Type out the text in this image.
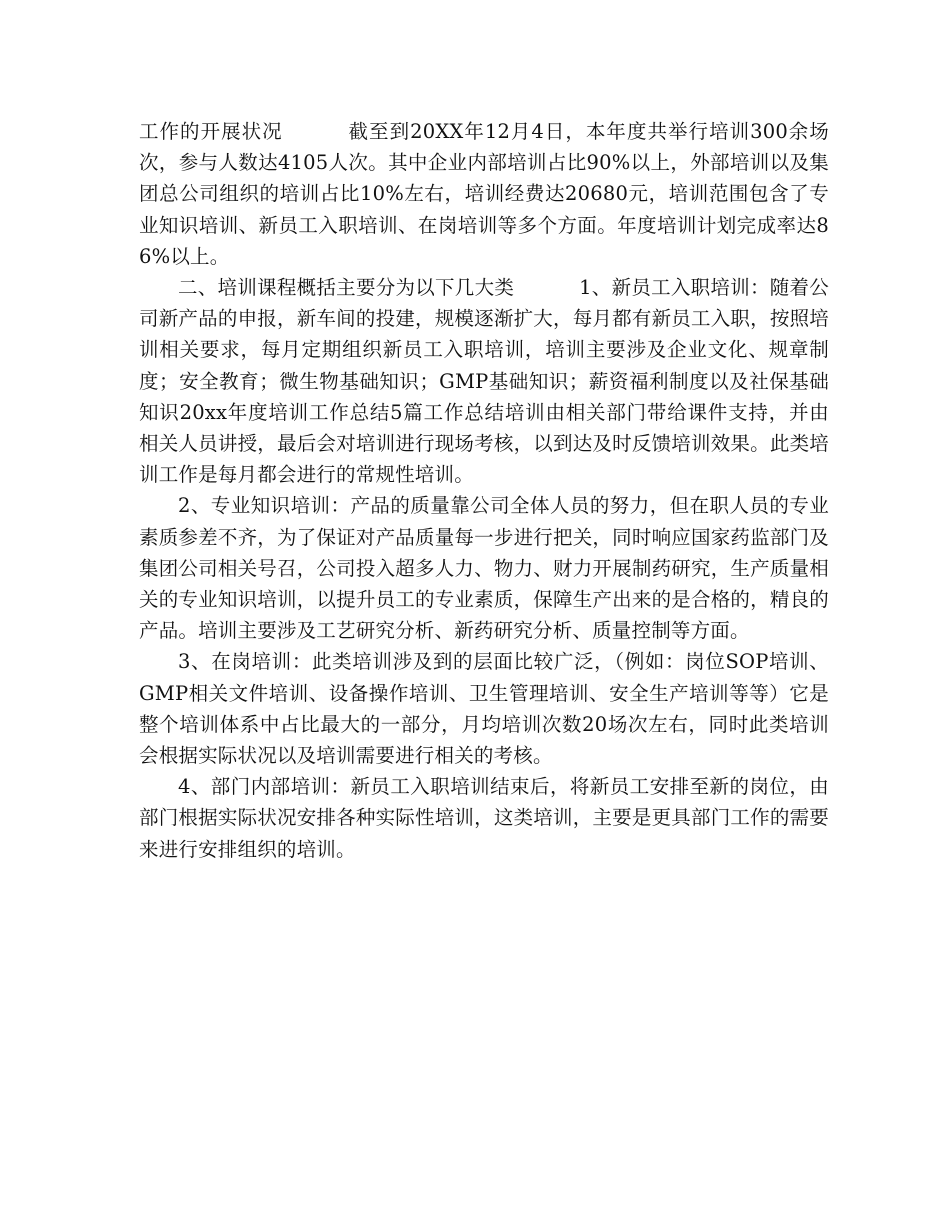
工作的开展状况	截至到20XX年12月4日，本年度共举行培训300余场次，参与人数达4105人次。其中企业内部培训占比90%以上，外部培训以及集团总公司组织的培训占比10%左右，培训经费达20680元，培训范围包含了专业知识培训、新员工入职培训、在岗培训等多个方面。年度培训计划完成率达86%以上。

二、培训课程概括主要分为以下几大类	1、新员工入职培训：随着公司新产品的申报，新车间的投建，规模逐渐扩大，每月都有新员工入职，按照培训相关要求，每月定期组织新员工入职培训，培训主要涉及企业文化、规章制度；安全教育；微生物基础知识；GMP基础知识；薪资福利制度以及社保基础知识20xx年度培训工作总结5篇工作总结培训由相关部门带给课件支持，并由相关人员讲授，最后会对培训进行现场考核，以到达及时反馈培训效果。此类培训工作是每月都会进行的常规性培训。

2、专业知识培训：产品的质量靠公司全体人员的努力，但在职人员的专业素质参差不齐，为了保证对产品质量每一步进行把关，同时响应国家药监部门及集团公司相关号召，公司投入超多人力、物力、财力开展制药研究，生产质量相关的专业知识培训，以提升员工的专业素质，保障生产出来的是合格的，精良的产品。培训主要涉及工艺研究分析、新药研究分析、质量控制等方面。

3、在岗培训：此类培训涉及到的层面比较广泛，（例如：岗位SOP培训、GMP相关文件培训、设备操作培训、卫生管理培训、安全生产培训等等）它是整个培训体系中占比最大的一部分，月均培训次数20场次左右，同时此类培训会根据实际状况以及培训需要进行相关的考核。

4、部门内部培训：新员工入职培训结束后，将新员工安排至新的岗位，由部门根据实际状况安排各种实际性培训，这类培训，主要是更具部门工作的需要来进行安排组织的培训。
